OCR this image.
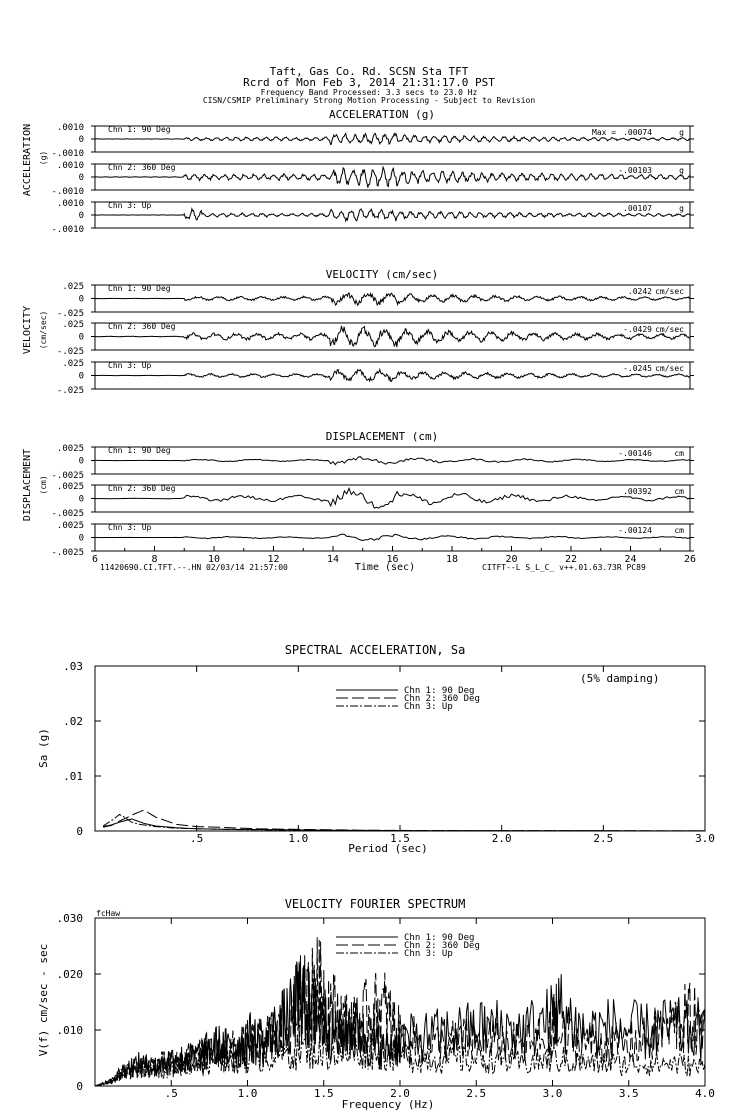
Taft, Gas Co. Rd. SCSN Sta TFT
Rcrd of Mon Feb 3, 2014 21:31:17.0 PST
Frequency Band Processed: 3.3 secs to 23.0 Hz
CISN/CSMIP Preliminary Strong Motion Processing - Subject to Revision
ACCELERATION (g)
VELOCITY (cm/sec)
DISPLACEMENT (cm)
ACCELERATION (g)
VELOCITY (cm/sec)
DISPLACEMENT (cm)
Time (sec)
11420690.CI.TFT.--.HN 02/03/14 21:57:00	CITFT--L S_L_C_ v++.01.63.73R PC89
SPECTRAL ACCELERATION, Sa
(5% damping)
Sa (g)
Period (sec)
Chn 1: 90 Deg
Chn 2: 360 Deg
Chn 3: Up
VELOCITY FOURIER SPECTRUM
fcHaw
V(f) cm/sec - sec
Frequency (Hz)
Chn 1: 90 Deg
Chn 2: 360 Deg
Chn 3: Up
.0010
0
-.0010
Chn 1: 90 Deg	Max = .00074	g
.0010
0
-.0010
Chn 2: 360 Deg	-.00103	g
.0010
0
-.0010
Chn 3: Up	.00107	g
.025
0
-.025
Chn 1: 90 Deg	.0242 cm/sec
.025
0
-.025
Chn 2: 360 Deg	-.0429 cm/sec
.025
0
-.025
Chn 3: Up	-.0245 cm/sec
.0025
0
-.0025
Chn 1: 90 Deg	-.00146	cm
.0025
0
-.0025
Chn 2: 360 Deg	.00392	cm
.0025
0
-.0025
Chn 3: Up	-.00124	cm
6	8	10	12	14	16	18	20	22	24	26
.5	1.0	1.5	2.0	2.5	3.0
0
.01
.02
.03
.5	1.0	1.5	2.0	2.5	3.0	3.5	4.0
0
.010
.020
.030
